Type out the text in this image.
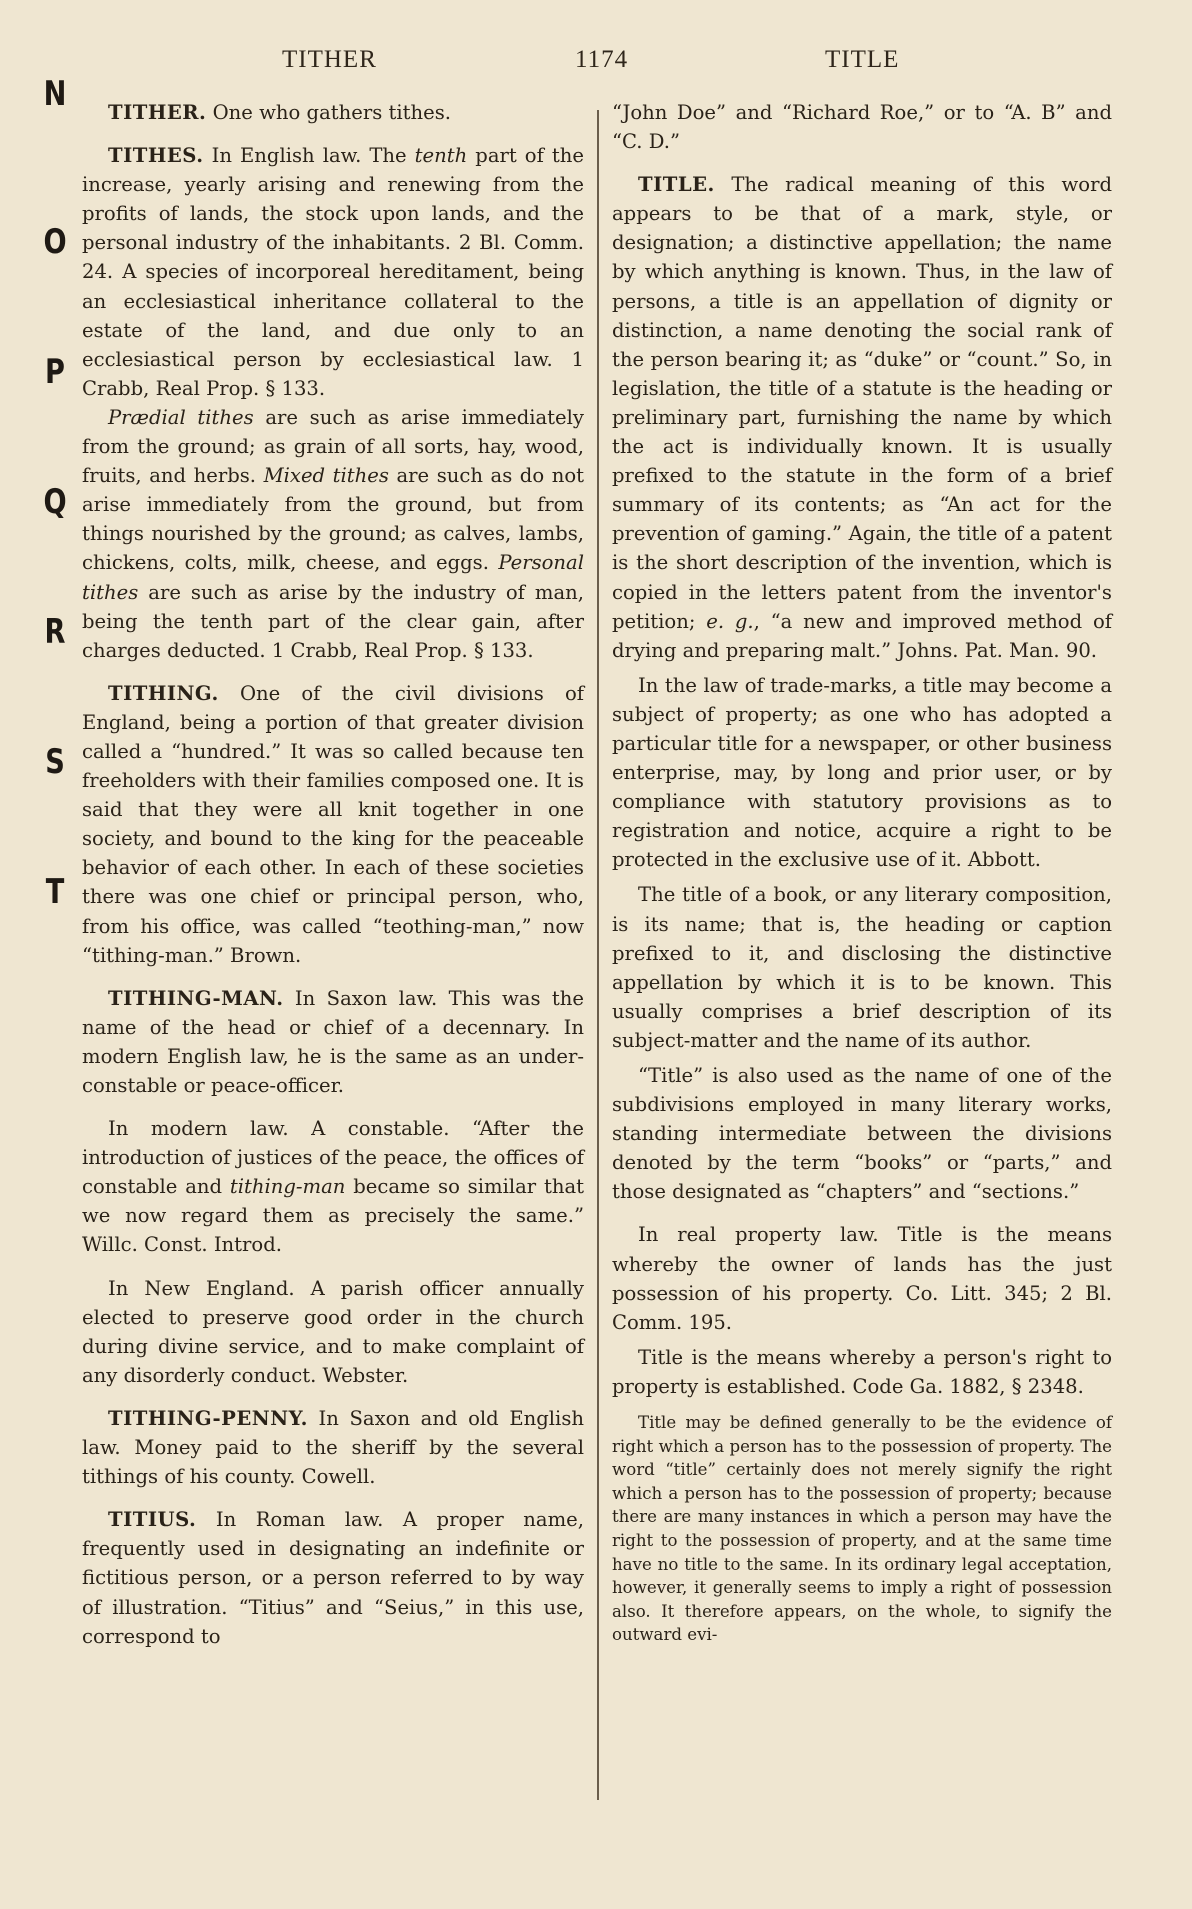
TITHER	1174	TITLE
N
O
P
Q
R
S
T

TITHER. One who gathers tithes.

TITHES. In English law. The tenth part of the increase, yearly arising and renewing from the profits of lands, the stock upon lands, and the personal industry of the inhabitants. 2 Bl. Comm. 24. A species of incorporeal hereditament, being an ecclesiastical inheritance collateral to the estate of the land, and due only to an ecclesiastical person by ecclesiastical law. 1 Crabb, Real Prop. § 133.

Prædial tithes are such as arise immediately from the ground; as grain of all sorts, hay, wood, fruits, and herbs. Mixed tithes are such as do not arise immediately from the ground, but from things nourished by the ground; as calves, lambs, chickens, colts, milk, cheese, and eggs. Personal tithes are such as arise by the industry of man, being the tenth part of the clear gain, after charges deducted. 1 Crabb, Real Prop. § 133.

TITHING. One of the civil divisions of England, being a portion of that greater division called a “hundred.” It was so called because ten freeholders with their families composed one. It is said that they were all knit together in one society, and bound to the king for the peaceable behavior of each other. In each of these societies there was one chief or principal person, who, from his office, was called “teothing-man,” now “tithing-man.” Brown.

TITHING-MAN. In Saxon law. This was the name of the head or chief of a decennary. In modern English law, he is the same as an under-constable or peace-officer.

In modern law. A constable. “After the introduction of justices of the peace, the offices of constable and tithing-man became so similar that we now regard them as precisely the same.” Willc. Const. Introd.

In New England. A parish officer annually elected to preserve good order in the church during divine service, and to make complaint of any disorderly conduct. Webster.

TITHING-PENNY. In Saxon and old English law. Money paid to the sheriff by the several tithings of his county. Cowell.

TITIUS. In Roman law. A proper name, frequently used in designating an indefinite or fictitious person, or a person referred to by way of illustration. “Titius” and “Seius,” in this use, correspond to

“John Doe” and “Richard Roe,” or to “A. B” and “C. D.”

TITLE. The radical meaning of this word appears to be that of a mark, style, or designation; a distinctive appellation; the name by which anything is known. Thus, in the law of persons, a title is an appellation of dignity or distinction, a name denoting the social rank of the person bearing it; as “duke” or “count.” So, in legislation, the title of a statute is the heading or preliminary part, furnishing the name by which the act is individually known. It is usually prefixed to the statute in the form of a brief summary of its contents; as “An act for the prevention of gaming.” Again, the title of a patent is the short description of the invention, which is copied in the letters patent from the inventor's petition; e. g., “a new and improved method of drying and preparing malt.” Johns. Pat. Man. 90.

In the law of trade-marks, a title may become a subject of property; as one who has adopted a particular title for a newspaper, or other business enterprise, may, by long and prior user, or by compliance with statutory provisions as to registration and notice, acquire a right to be protected in the exclusive use of it. Abbott.

The title of a book, or any literary composition, is its name; that is, the heading or caption prefixed to it, and disclosing the distinctive appellation by which it is to be known. This usually comprises a brief description of its subject-matter and the name of its author.

“Title” is also used as the name of one of the subdivisions employed in many literary works, standing intermediate between the divisions denoted by the term “books” or “parts,” and those designated as “chapters” and “sections.”

In real property law. Title is the means whereby the owner of lands has the just possession of his property. Co. Litt. 345; 2 Bl. Comm. 195.

Title is the means whereby a person's right to property is established. Code Ga. 1882, § 2348.

Title may be defined generally to be the evidence of right which a person has to the possession of property. The word “title” certainly does not merely signify the right which a person has to the possession of property; because there are many instances in which a person may have the right to the possession of property, and at the same time have no title to the same. In its ordinary legal acceptation, however, it generally seems to imply a right of possession also. It therefore appears, on the whole, to signify the outward evi-
